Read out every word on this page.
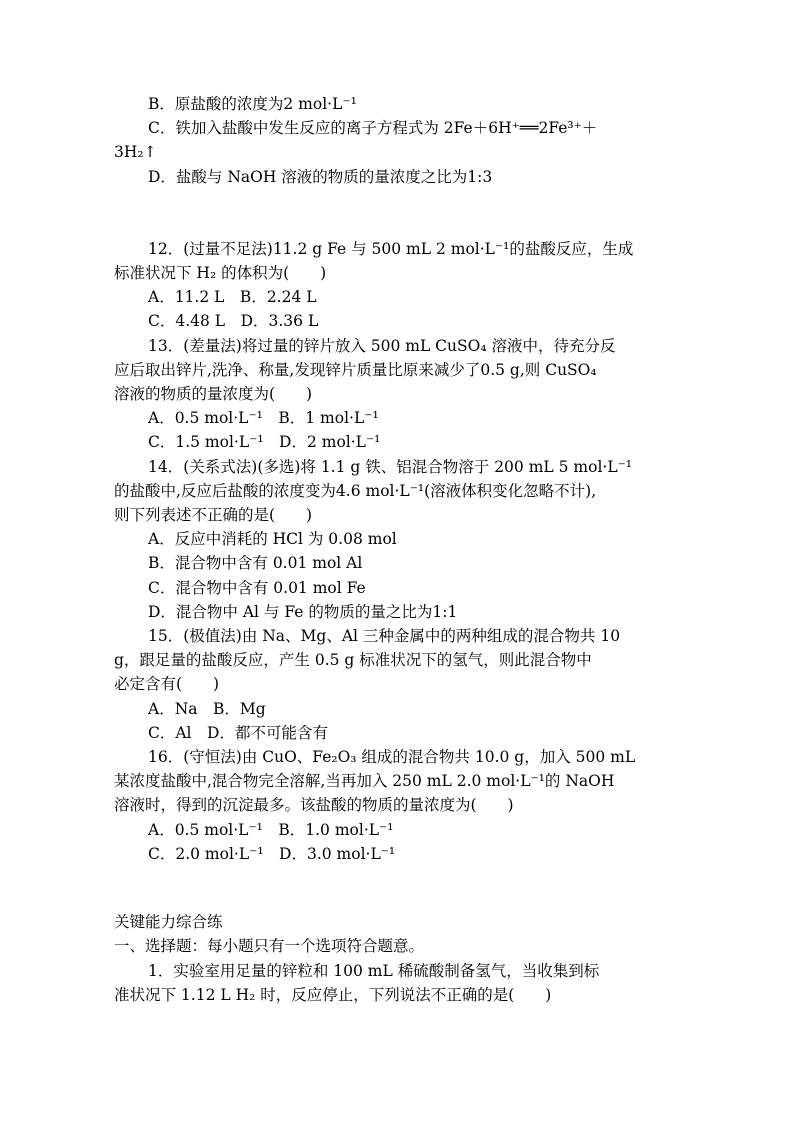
B．原盐酸的浓度为2 mol·L⁻¹
C．铁加入盐酸中发生反应的离子方程式为 2Fe＋6H⁺══2Fe³⁺＋
3H₂↑
D．盐酸与 NaOH 溶液的物质的量浓度之比为1:3
12．(过量不足法)11.2 g Fe 与 500 mL 2 mol·L⁻¹的盐酸反应，生成
标准状况下 H₂ 的体积为(　　)
A．11.2 L　B．2.24 L
C．4.48 L　D．3.36 L
13．(差量法)将过量的锌片放入 500 mL CuSO₄ 溶液中，待充分反
应后取出锌片,洗净、称量,发现锌片质量比原来减少了0.5 g,则 CuSO₄
溶液的物质的量浓度为(　　)
A．0.5 mol·L⁻¹　B．1 mol·L⁻¹
C．1.5 mol·L⁻¹　D．2 mol·L⁻¹
14．(关系式法)(多选)将 1.1 g 铁、铝混合物溶于 200 mL 5 mol·L⁻¹
的盐酸中,反应后盐酸的浓度变为4.6 mol·L⁻¹(溶液体积变化忽略不计),
则下列表述不正确的是(　　)
A．反应中消耗的 HCl 为 0.08 mol
B．混合物中含有 0.01 mol Al
C．混合物中含有 0.01 mol Fe
D．混合物中 Al 与 Fe 的物质的量之比为1:1
15．(极值法)由 Na、Mg、Al 三种金属中的两种组成的混合物共 10
g，跟足量的盐酸反应，产生 0.5 g 标准状况下的氢气，则此混合物中
必定含有(　　)
A．Na　B．Mg
C．Al　D．都不可能含有
16．(守恒法)由 CuO、Fe₂O₃ 组成的混合物共 10.0 g，加入 500 mL
某浓度盐酸中,混合物完全溶解,当再加入 250 mL 2.0 mol·L⁻¹的 NaOH
溶液时，得到的沉淀最多。该盐酸的物质的量浓度为(　　)
A．0.5 mol·L⁻¹　B．1.0 mol·L⁻¹
C．2.0 mol·L⁻¹　D．3.0 mol·L⁻¹
关键能力综合练
一、选择题：每小题只有一个选项符合题意。
1．实验室用足量的锌粒和 100 mL 稀硫酸制备氢气，当收集到标
准状况下 1.12 L H₂ 时，反应停止，下列说法不正确的是(　　)
